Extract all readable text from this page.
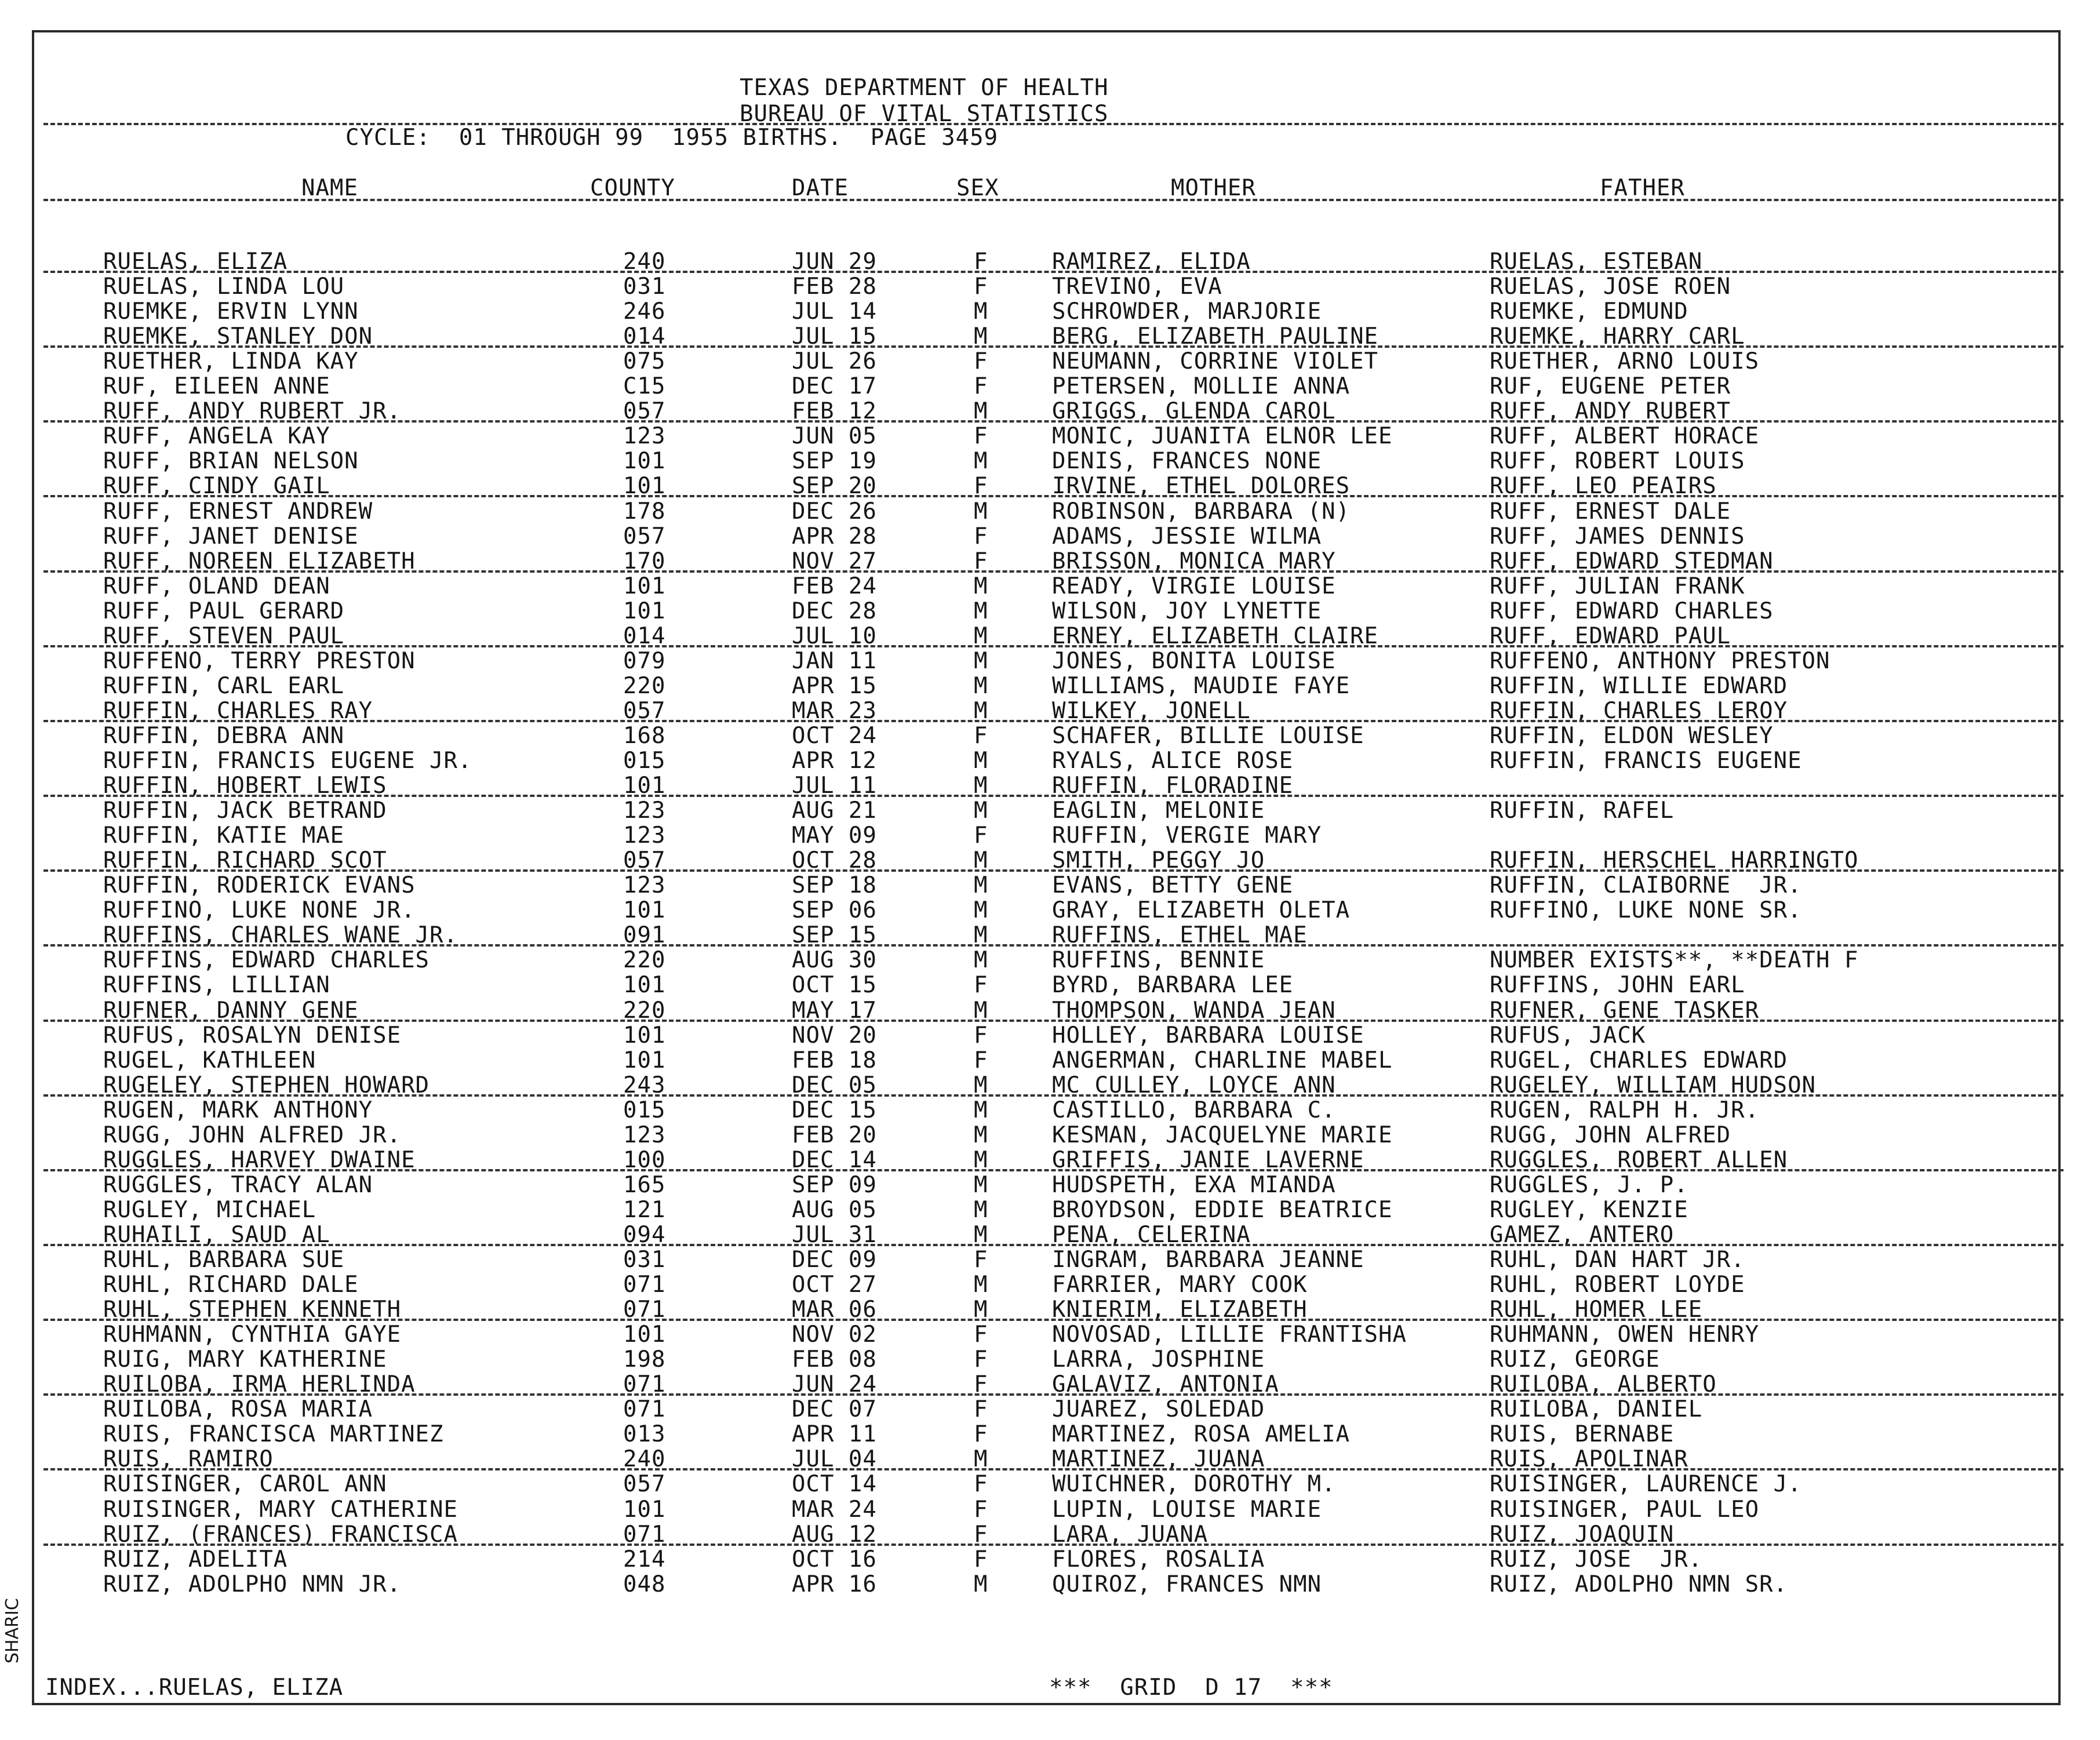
TEXAS DEPARTMENT OF HEALTH
BUREAU OF VITAL STATISTICS
CYCLE:  01 THROUGH 99  1955 BIRTHS.  PAGE 3459
NAME	COUNTY	DATE	SEX	MOTHER	FATHER
RUELAS, ELIZA	240	JUN 29	F	RAMIREZ, ELIDA	RUELAS, ESTEBAN
RUELAS, LINDA LOU	031	FEB 28	F	TREVINO, EVA	RUELAS, JOSE ROEN
RUEMKE, ERVIN LYNN	246	JUL 14	M	SCHROWDER, MARJORIE	RUEMKE, EDMUND
RUEMKE, STANLEY DON	014	JUL 15	M	BERG, ELIZABETH PAULINE	RUEMKE, HARRY CARL
RUETHER, LINDA KAY	075	JUL 26	F	NEUMANN, CORRINE VIOLET	RUETHER, ARNO LOUIS
RUF, EILEEN ANNE	C15	DEC 17	F	PETERSEN, MOLLIE ANNA	RUF, EUGENE PETER
RUFF, ANDY RUBERT JR.	057	FEB 12	M	GRIGGS, GLENDA CAROL	RUFF, ANDY RUBERT
RUFF, ANGELA KAY	123	JUN 05	F	MONIC, JUANITA ELNOR LEE	RUFF, ALBERT HORACE
RUFF, BRIAN NELSON	101	SEP 19	M	DENIS, FRANCES NONE	RUFF, ROBERT LOUIS
RUFF, CINDY GAIL	101	SEP 20	F	IRVINE, ETHEL DOLORES	RUFF, LEO PEAIRS
RUFF, ERNEST ANDREW	178	DEC 26	M	ROBINSON, BARBARA (N)	RUFF, ERNEST DALE
RUFF, JANET DENISE	057	APR 28	F	ADAMS, JESSIE WILMA	RUFF, JAMES DENNIS
RUFF, NOREEN ELIZABETH	170	NOV 27	F	BRISSON, MONICA MARY	RUFF, EDWARD STEDMAN
RUFF, OLAND DEAN	101	FEB 24	M	READY, VIRGIE LOUISE	RUFF, JULIAN FRANK
RUFF, PAUL GERARD	101	DEC 28	M	WILSON, JOY LYNETTE	RUFF, EDWARD CHARLES
RUFF, STEVEN PAUL	014	JUL 10	M	ERNEY, ELIZABETH CLAIRE	RUFF, EDWARD PAUL
RUFFENO, TERRY PRESTON	079	JAN 11	M	JONES, BONITA LOUISE	RUFFENO, ANTHONY PRESTON
RUFFIN, CARL EARL	220	APR 15	M	WILLIAMS, MAUDIE FAYE	RUFFIN, WILLIE EDWARD
RUFFIN, CHARLES RAY	057	MAR 23	M	WILKEY, JONELL	RUFFIN, CHARLES LEROY
RUFFIN, DEBRA ANN	168	OCT 24	F	SCHAFER, BILLIE LOUISE	RUFFIN, ELDON WESLEY
RUFFIN, FRANCIS EUGENE JR.	015	APR 12	M	RYALS, ALICE ROSE	RUFFIN, FRANCIS EUGENE
RUFFIN, HOBERT LEWIS	101	JUL 11	M	RUFFIN, FLORADINE
RUFFIN, JACK BETRAND	123	AUG 21	M	EAGLIN, MELONIE	RUFFIN, RAFEL
RUFFIN, KATIE MAE	123	MAY 09	F	RUFFIN, VERGIE MARY
RUFFIN, RICHARD SCOT	057	OCT 28	M	SMITH, PEGGY JO	RUFFIN, HERSCHEL HARRINGTO
RUFFIN, RODERICK EVANS	123	SEP 18	M	EVANS, BETTY GENE	RUFFIN, CLAIBORNE  JR.
RUFFINO, LUKE NONE JR.	101	SEP 06	M	GRAY, ELIZABETH OLETA	RUFFINO, LUKE NONE SR.
RUFFINS, CHARLES WANE JR.	091	SEP 15	M	RUFFINS, ETHEL MAE
RUFFINS, EDWARD CHARLES	220	AUG 30	M	RUFFINS, BENNIE	NUMBER EXISTS**, **DEATH F
RUFFINS, LILLIAN	101	OCT 15	F	BYRD, BARBARA LEE	RUFFINS, JOHN EARL
RUFNER, DANNY GENE	220	MAY 17	M	THOMPSON, WANDA JEAN	RUFNER, GENE TASKER
RUFUS, ROSALYN DENISE	101	NOV 20	F	HOLLEY, BARBARA LOUISE	RUFUS, JACK
RUGEL, KATHLEEN	101	FEB 18	F	ANGERMAN, CHARLINE MABEL	RUGEL, CHARLES EDWARD
RUGELEY, STEPHEN HOWARD	243	DEC 05	M	MC CULLEY, LOYCE ANN	RUGELEY, WILLIAM HUDSON
RUGEN, MARK ANTHONY	015	DEC 15	M	CASTILLO, BARBARA C.	RUGEN, RALPH H. JR.
RUGG, JOHN ALFRED JR.	123	FEB 20	M	KESMAN, JACQUELYNE MARIE	RUGG, JOHN ALFRED
RUGGLES, HARVEY DWAINE	100	DEC 14	M	GRIFFIS, JANIE LAVERNE	RUGGLES, ROBERT ALLEN
RUGGLES, TRACY ALAN	165	SEP 09	M	HUDSPETH, EXA MIANDA	RUGGLES, J. P.
RUGLEY, MICHAEL	121	AUG 05	M	BROYDSON, EDDIE BEATRICE	RUGLEY, KENZIE
RUHAILI, SAUD AL	094	JUL 31	M	PENA, CELERINA	GAMEZ, ANTERO
RUHL, BARBARA SUE	031	DEC 09	F	INGRAM, BARBARA JEANNE	RUHL, DAN HART JR.
RUHL, RICHARD DALE	071	OCT 27	M	FARRIER, MARY COOK	RUHL, ROBERT LOYDE
RUHL, STEPHEN KENNETH	071	MAR 06	M	KNIERIM, ELIZABETH	RUHL, HOMER LEE
RUHMANN, CYNTHIA GAYE	101	NOV 02	F	NOVOSAD, LILLIE FRANTISHA	RUHMANN, OWEN HENRY
RUIG, MARY KATHERINE	198	FEB 08	F	LARRA, JOSPHINE	RUIZ, GEORGE
RUILOBA, IRMA HERLINDA	071	JUN 24	F	GALAVIZ, ANTONIA	RUILOBA, ALBERTO
RUILOBA, ROSA MARIA	071	DEC 07	F	JUAREZ, SOLEDAD	RUILOBA, DANIEL
RUIS, FRANCISCA MARTINEZ	013	APR 11	F	MARTINEZ, ROSA AMELIA	RUIS, BERNABE
RUIS, RAMIRO	240	JUL 04	M	MARTINEZ, JUANA	RUIS, APOLINAR
RUISINGER, CAROL ANN	057	OCT 14	F	WUICHNER, DOROTHY M.	RUISINGER, LAURENCE J.
RUISINGER, MARY CATHERINE	101	MAR 24	F	LUPIN, LOUISE MARIE	RUISINGER, PAUL LEO
RUIZ, (FRANCES) FRANCISCA	071	AUG 12	F	LARA, JUANA	RUIZ, JOAQUIN
RUIZ, ADELITA	214	OCT 16	F	FLORES, ROSALIA	RUIZ, JOSE  JR.
RUIZ, ADOLPHO NMN JR.	048	APR 16	M	QUIROZ, FRANCES NMN	RUIZ, ADOLPHO NMN SR.
INDEX...RUELAS, ELIZA	***  GRID  D 17  ***
SHARIC
